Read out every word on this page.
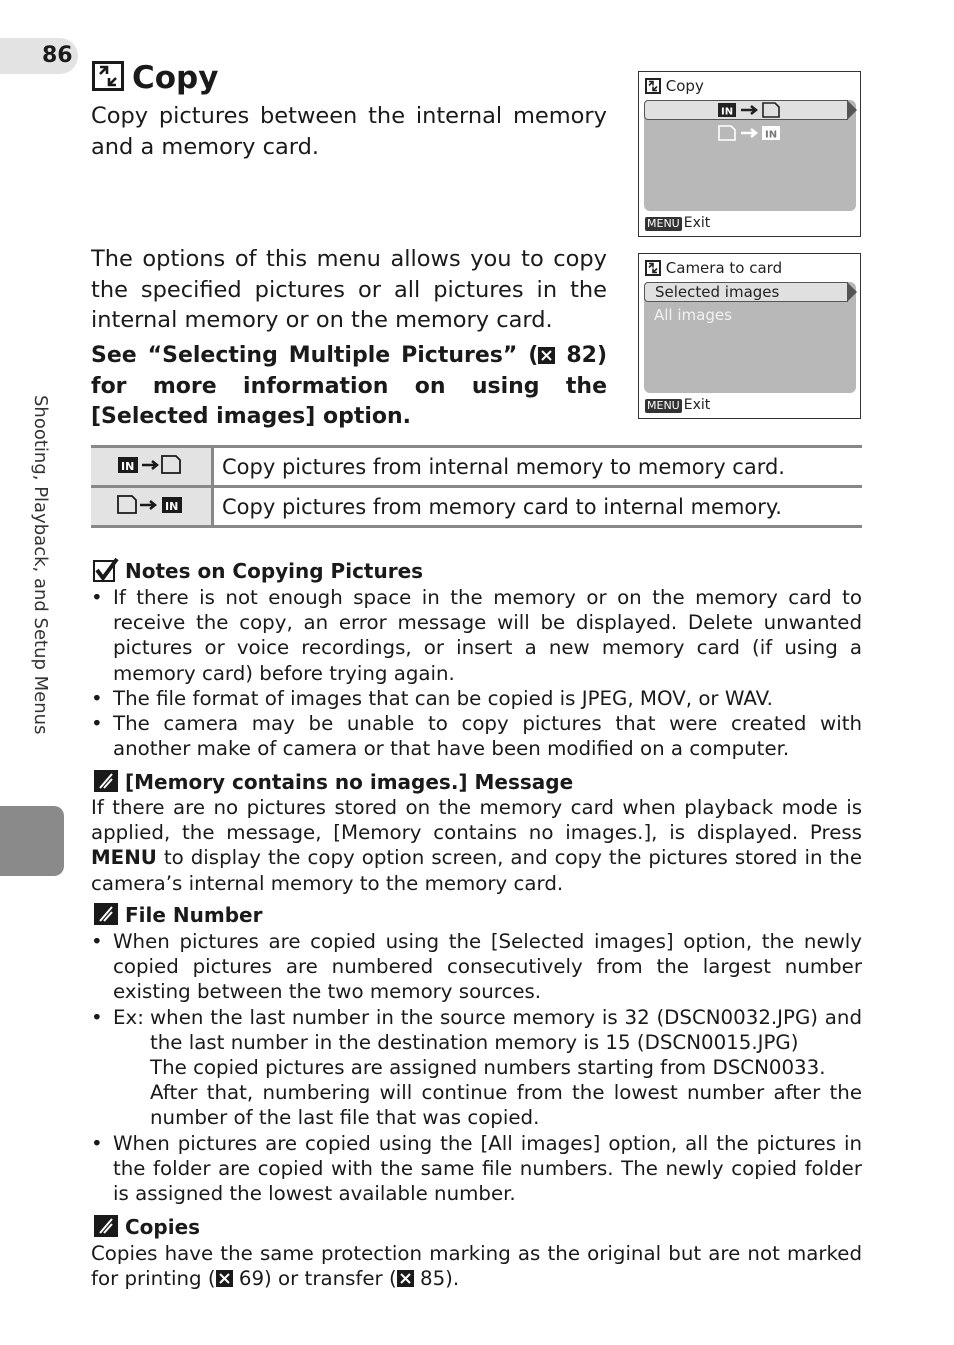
86
Shooting, Playback, and Setup Menus
Copy
Copy pictures between the internal memory and a memory card.
The options of this menu allows you to copy the specified pictures or all pictures in the internal memory or on the memory card.
See “Selecting Multiple Pictures” ( 82) for more information on using the [Selected images] option.
Copy
IN
IN
MENU Exit
Camera to card
Selected images
All images
MENU Exit
IN	Copy pictures from internal memory to memory card.

IN	Copy pictures from memory card to internal memory.
Notes on Copying Pictures
• If there is not enough space in the memory or on the memory card to receive the copy, an error message will be displayed. Delete unwanted pictures or voice recordings, or insert a new memory card (if using a memory card) before trying again.
• The file format of images that can be copied is JPEG, MOV, or WAV.
• The camera may be unable to copy pictures that were created with another make of camera or that have been modified on a computer.
[Memory contains no images.] Message
If there are no pictures stored on the memory card when playback mode is applied, the message, [Memory contains no images.], is displayed. Press MENU to display the copy option screen, and copy the pictures stored in the camera’s internal memory to the memory card.
File Number
• When pictures are copied using the [Selected images] option, the newly copied pictures are numbered consecutively from the largest number existing between the two memory sources.
• Ex: when the last number in the source memory is 32 (DSCN0032.JPG) and the last number in the destination memory is 15 (DSCN0015.JPG)
The copied pictures are assigned numbers starting from DSCN0033.
After that, numbering will continue from the lowest number after the number of the last file that was copied.
• When pictures are copied using the [All images] option, all the pictures in the folder are copied with the same file numbers. The newly copied folder is assigned the lowest available number.
Copies
Copies have the same protection marking as the original but are not marked for printing ( 69) or transfer ( 85).
